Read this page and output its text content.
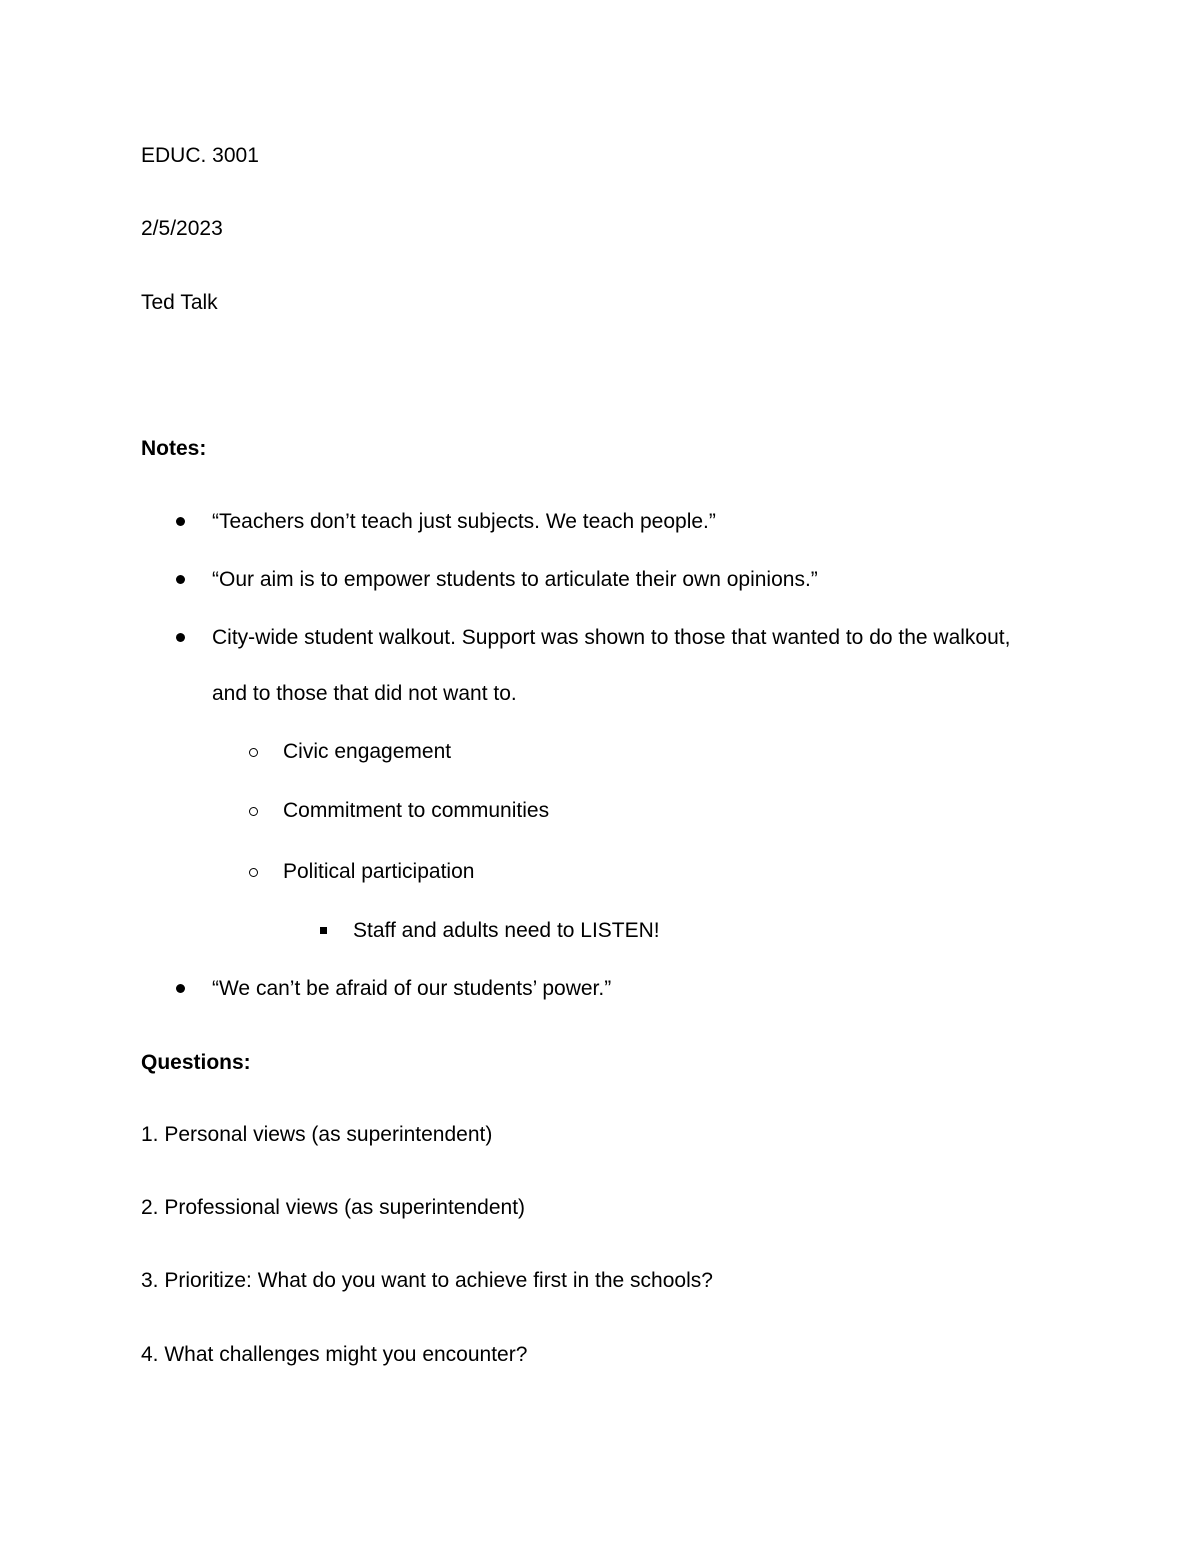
EDUC. 3001
2/5/2023
Ted Talk
Notes:
“Teachers don’t teach just subjects. We teach people.”
“Our aim is to empower students to articulate their own opinions.”
City-wide student walkout. Support was shown to those that wanted to do the walkout,
and to those that did not want to.
Civic engagement
Commitment to communities
Political participation
Staff and adults need to LISTEN!
“We can’t be afraid of our students’ power.”
Questions:
1. Personal views (as superintendent)
2. Professional views (as superintendent)
3. Prioritize: What do you want to achieve first in the schools?
4. What challenges might you encounter?
